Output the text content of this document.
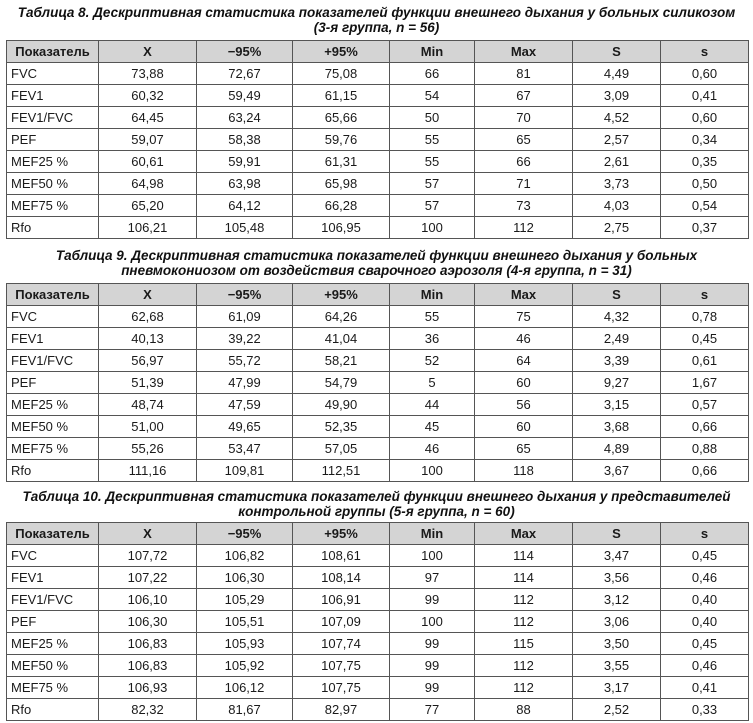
Таблица 8. Дескриптивная статистика показателей функции внешнего дыхания у больных силикозом

(3-я группа, n = 56)

Показатель	X	−95%	+95%	Min	Max	S	s
FVC	73,88	72,67	75,08	66	81	4,49	0,60
FEV1	60,32	59,49	61,15	54	67	3,09	0,41
FEV1/FVC	64,45	63,24	65,66	50	70	4,52	0,60
PEF	59,07	58,38	59,76	55	65	2,57	0,34
MEF25 %	60,61	59,91	61,31	55	66	2,61	0,35
MEF50 %	64,98	63,98	65,98	57	71	3,73	0,50
MEF75 %	65,20	64,12	66,28	57	73	4,03	0,54
Rfo	106,21	105,48	106,95	100	112	2,75	0,37

Таблица 9. Дескриптивная статистика показателей функции внешнего дыхания у больных

пневмокониозом от воздействия сварочного аэрозоля (4-я группа, n = 31)

Показатель	X	−95%	+95%	Min	Max	S	s
FVC	62,68	61,09	64,26	55	75	4,32	0,78
FEV1	40,13	39,22	41,04	36	46	2,49	0,45
FEV1/FVC	56,97	55,72	58,21	52	64	3,39	0,61
PEF	51,39	47,99	54,79	5	60	9,27	1,67
MEF25 %	48,74	47,59	49,90	44	56	3,15	0,57
MEF50 %	51,00	49,65	52,35	45	60	3,68	0,66
MEF75 %	55,26	53,47	57,05	46	65	4,89	0,88
Rfo	111,16	109,81	112,51	100	118	3,67	0,66

Таблица 10. Дескриптивная статистика показателей функции внешнего дыхания у представителей

контрольной группы (5-я группа, n = 60)

Показатель	X	−95%	+95%	Min	Max	S	s
FVC	107,72	106,82	108,61	100	114	3,47	0,45
FEV1	107,22	106,30	108,14	97	114	3,56	0,46
FEV1/FVC	106,10	105,29	106,91	99	112	3,12	0,40
PEF	106,30	105,51	107,09	100	112	3,06	0,40
MEF25 %	106,83	105,93	107,74	99	115	3,50	0,45
MEF50 %	106,83	105,92	107,75	99	112	3,55	0,46
MEF75 %	106,93	106,12	107,75	99	112	3,17	0,41
Rfo	82,32	81,67	82,97	77	88	2,52	0,33
